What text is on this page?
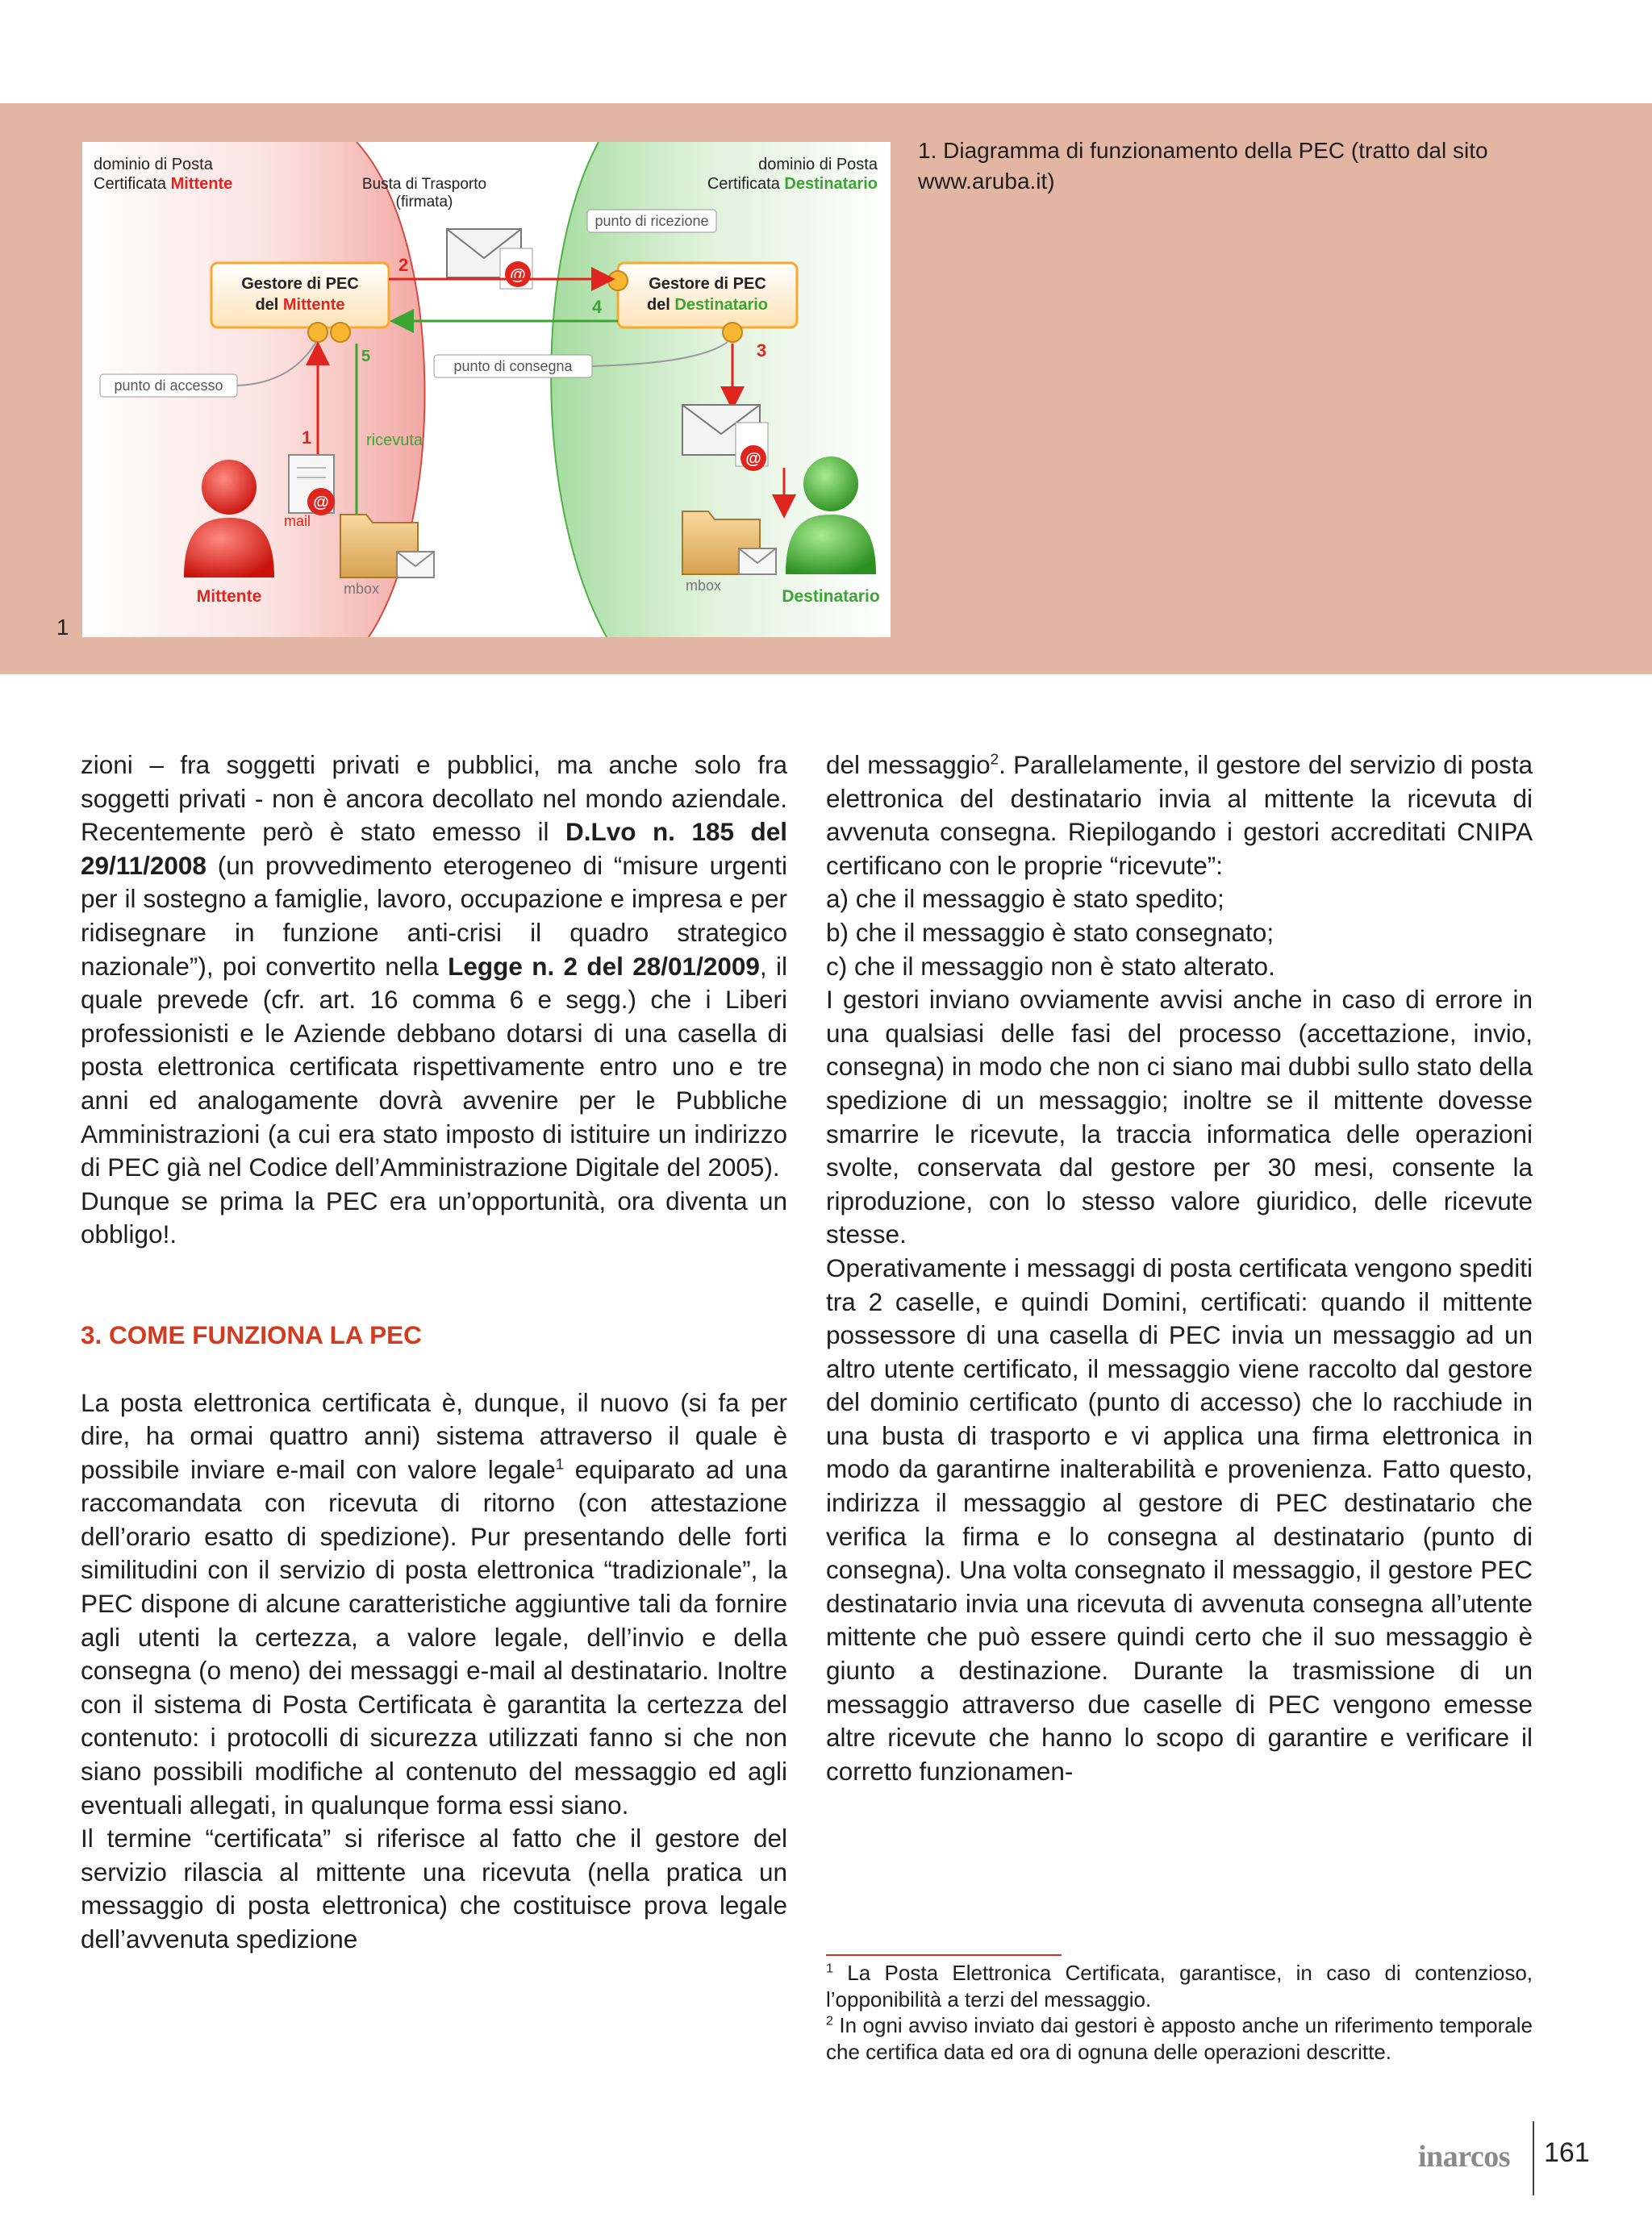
1
1. Diagramma di funzionamento della PEC (tratto dal sito www.aruba.it)
dominio di Posta
Certificata Mittente
dominio di Posta
Certificata Destinatario
Busta di Trasporto
(firmata)
punto di ricezione
@
Gestore di PEC
del Mittente
Gestore di PEC
del Destinatario
2
4
punto di accesso
punto di consegna
1
5
ricevuta
3
@
@
mail
mbox	mbox
Mittente	Destinatario

zioni – fra soggetti privati e pubblici, ma anche solo fra soggetti privati - non è ancora decollato nel mondo aziendale. Recentemente però è stato emesso il D.Lvo n. 185 del 29/11/2008 (un provvedimento eterogeneo di “misure urgenti per il sostegno a famiglie, lavoro, occupazione e impresa e per ridisegnare in funzione anti-crisi il quadro strategico nazionale”), poi convertito nella Legge n. 2 del 28/01/2009, il quale prevede (cfr. art. 16 comma 6 e segg.) che i Liberi professionisti e le Aziende debbano dotarsi di una casella di posta elettronica certificata rispettivamente entro uno e tre anni ed analogamente dovrà avvenire per le Pubbliche Amministrazioni (a cui era stato imposto di istituire un indirizzo di PEC già nel Codice dell’Amministrazione Digitale del 2005).

Dunque se prima la PEC era un’opportunità, ora diventa un obbligo!.

3. COME FUNZIONA LA PEC

La posta elettronica certificata è, dunque, il nuovo (si fa per dire, ha ormai quattro anni) sistema attraverso il quale è possibile inviare e-mail con valore legale$^1$ equiparato ad una raccomandata con ricevuta di ritorno (con attestazione dell’orario esatto di spedizione). Pur presentando delle forti similitudini con il servizio di posta elettronica “tradizionale”, la PEC dispone di alcune caratteristiche aggiuntive tali da fornire agli utenti la certezza, a valore legale, dell’invio e della consegna (o meno) dei messaggi e-mail al destinatario. Inoltre con il sistema di Posta Certificata è garantita la certezza del contenuto: i protocolli di sicurezza utilizzati fanno si che non siano possibili modifiche al contenuto del messaggio ed agli eventuali allegati, in qualunque forma essi siano.

Il termine “certificata” si riferisce al fatto che il gestore del servizio rilascia al mittente una ricevuta (nella pratica un messaggio di posta elettronica) che costituisce prova legale dell’avvenuta spedizione

del messaggio$^2$. Parallelamente, il gestore del servizio di posta elettronica del destinatario invia al mittente la ricevuta di avvenuta consegna. Riepilogando i gestori accreditati CNIPA certificano con le proprie “ricevute”:

a) che il messaggio è stato spedito;

b) che il messaggio è stato consegnato;

c) che il messaggio non è stato alterato.

I gestori inviano ovviamente avvisi anche in caso di errore in una qualsiasi delle fasi del processo (accettazione, invio, consegna) in modo che non ci siano mai dubbi sullo stato della spedizione di un messaggio; inoltre se il mittente dovesse smarrire le ricevute, la traccia informatica delle operazioni svolte, conservata dal gestore per 30 mesi, consente la riproduzione, con lo stesso valore giuridico, delle ricevute stesse.

Operativamente i messaggi di posta certificata vengono spediti tra 2 caselle, e quindi Domini, certificati: quando il mittente possessore di una casella di PEC invia un messaggio ad un altro utente certificato, il messaggio viene raccolto dal gestore del dominio certificato (punto di accesso) che lo racchiude in una busta di trasporto e vi applica una firma elettronica in modo da garantirne inalterabilità e provenienza. Fatto questo, indirizza il messaggio al gestore di PEC destinatario che verifica la firma e lo consegna al destinatario (punto di consegna). Una volta consegnato il messaggio, il gestore PEC destinatario invia una ricevuta di avvenuta consegna all’utente mittente che può essere quindi certo che il suo messaggio è giunto a destinazione. Durante la trasmissione di un messaggio attraverso due caselle di PEC vengono emesse altre ricevute che hanno lo scopo di garantire e verificare il corretto funzionamen-

$^1$ La Posta Elettronica Certificata, garantisce, in caso di contenzioso, l’opponibilità a terzi del messaggio.

$^2$ In ogni avviso inviato dai gestori è apposto anche un riferimento temporale che certifica data ed ora di ognuna delle operazioni descritte.

inarcos 161
